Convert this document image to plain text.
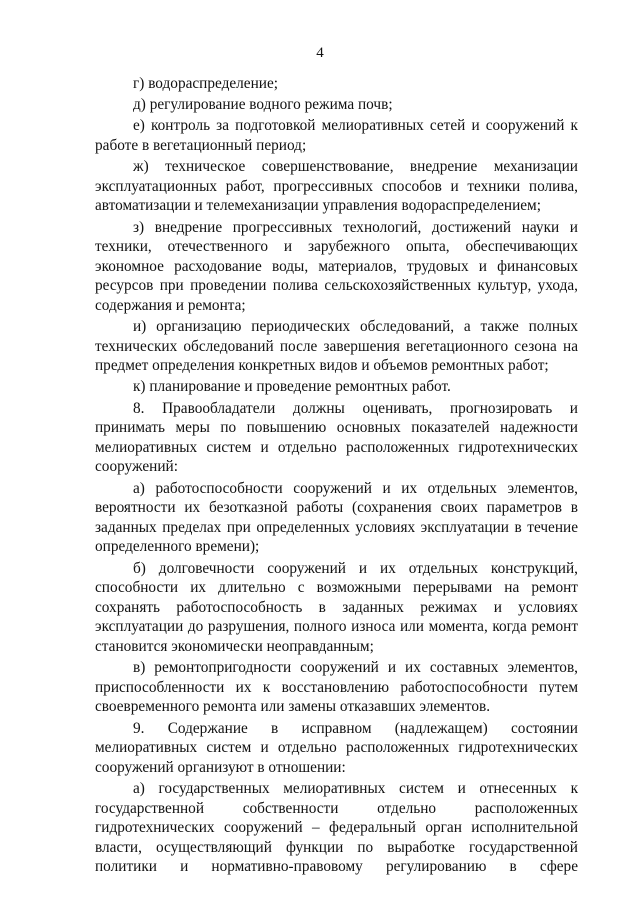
4

г) водораспределение;

д) регулирование водного режима почв;

е) контроль за подготовкой мелиоративных сетей и сооружений к работе в вегетационный период;

ж) техническое совершенствование, внедрение механизации эксплуатационных работ, прогрессивных способов и техники полива, автоматизации и телемеханизации управления водораспределением;

з) внедрение прогрессивных технологий, достижений науки и техники, отечественного и зарубежного опыта, обеспечивающих экономное расходование воды, материалов, трудовых и финансовых ресурсов при проведении полива сельскохозяйственных культур, ухода, содержания и ремонта;

и) организацию периодических обследований, а также полных технических обследований после завершения вегетационного сезона на предмет определения конкретных видов и объемов ремонтных работ;

к) планирование и проведение ремонтных работ.

8. Правообладатели должны оценивать, прогнозировать и принимать меры по повышению основных показателей надежности мелиоративных систем и отдельно расположенных гидротехнических сооружений:

а) работоспособности сооружений и их отдельных элементов, вероятности их безотказной работы (сохранения своих параметров в заданных пределах при определенных условиях эксплуатации в течение определенного времени);

б) долговечности сооружений и их отдельных конструкций, способности их длительно с возможными перерывами на ремонт сохранять работоспособность в заданных режимах и условиях эксплуатации до разрушения, полного износа или момента, когда ремонт становится экономически неоправданным;

в) ремонтопригодности сооружений и их составных элементов, приспособленности их к восстановлению работоспособности путем своевременного ремонта или замены отказавших элементов.

9. Содержание в исправном (надлежащем) состоянии мелиоративных систем и отдельно расположенных гидротехнических сооружений организуют в отношении:

а) государственных мелиоративных систем и отнесенных к государственной собственности отдельно расположенных гидротехнических сооружений – федеральный орган исполнительной власти, осуществляющий функции по выработке государственной политики и нормативно-правовому регулированию в сфере
